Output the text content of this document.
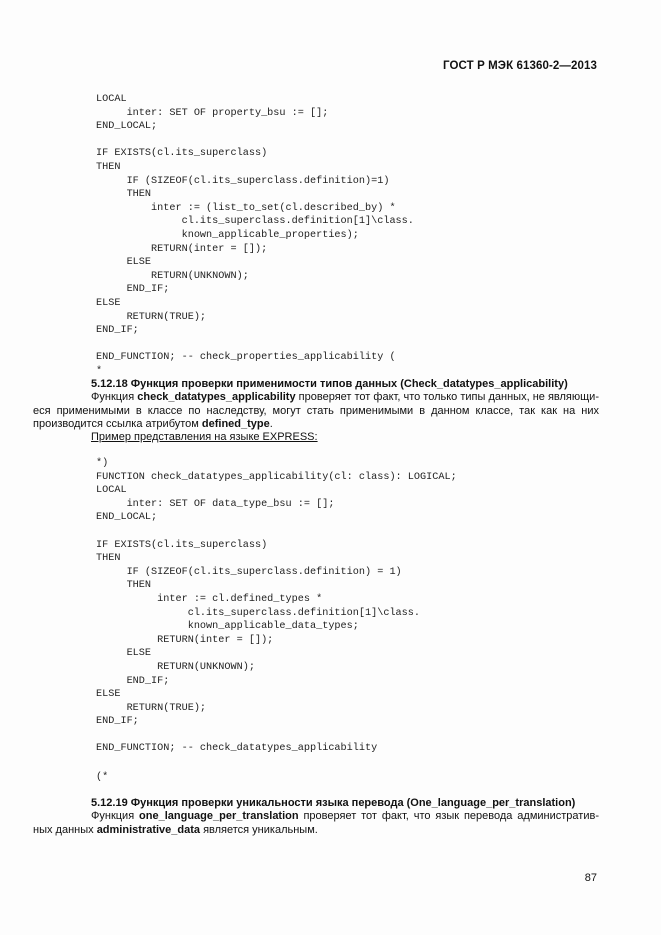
ГОСТ Р МЭК 61360-2—2013
LOCAL
inter: SET OF property_bsu := [];
END_LOCAL;
IF EXISTS(cl.its_superclass)
THEN
IF (SIZEOF(cl.its_superclass.definition)=1)
THEN
inter := (list_to_set(cl.described_by) *
cl.its_superclass.definition[1]\class.
known_applicable_properties);
RETURN(inter = []);
ELSE
RETURN(UNKNOWN);
END_IF;
ELSE
RETURN(TRUE);
END_IF;
END_FUNCTION; -- check_properties_applicability (
*

5.12.18 Функция проверки применимости типов данных (Check_datatypes_applicability)

Функция check_datatypes_applicability проверяет тот факт, что только типы данных, не являющи-еся применимыми в классе по наследству, могут стать применимыми в данном классе, так как на них производится ссылка атрибутом defined_type.

Пример представления на языке EXPRESS:

*)
FUNCTION check_datatypes_applicability(cl: class): LOGICAL;
LOCAL
inter: SET OF data_type_bsu := [];
END_LOCAL;
IF EXISTS(cl.its_superclass)
THEN
IF (SIZEOF(cl.its_superclass.definition) = 1)
THEN
inter := cl.defined_types *
cl.its_superclass.definition[1]\class.
known_applicable_data_types;
RETURN(inter = []);
ELSE
RETURN(UNKNOWN);
END_IF;
ELSE
RETURN(TRUE);
END_IF;
END_FUNCTION; -- check_datatypes_applicability
(*

5.12.19 Функция проверки уникальности языка перевода (One_language_per_translation)

Функция one_language_per_translation проверяет тот факт, что язык перевода административ-ных данных administrative_data является уникальным.

87
